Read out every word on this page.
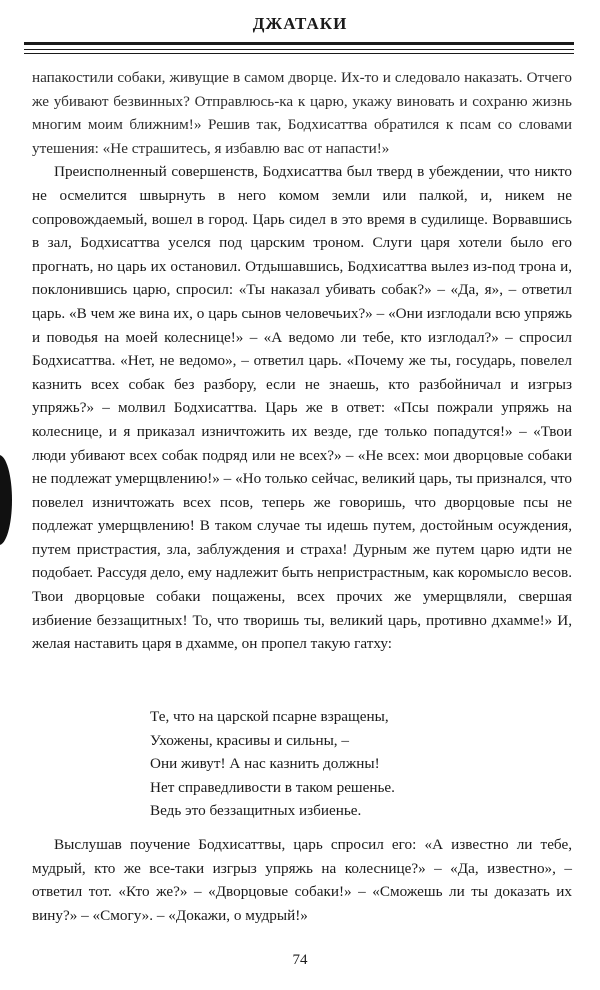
ДЖАТАКИ

напакостили собаки, живущие в самом дворце. Их-то и следовало наказать. Отчего же убивают безвинных? Отправлюсь-ка к царю, укажу виновать и сохраню жизнь многим моим ближним!» Решив так, Бодхисаттва обратился к псам со словами утешения: «Не страшитесь, я избавлю вас от напасти!»

Преисполненный совершенств, Бодхисаттва был тверд в убеждении, что никто не осмелится швырнуть в него комом земли или палкой, и, никем не сопровождаемый, вошел в город. Царь сидел в это время в судилище. Ворвавшись в зал, Бодхисаттва уселся под царским троном. Слуги царя хотели было его прогнать, но царь их остановил. Отдышавшись, Бодхисаттва вылез из-под трона и, поклонившись царю, спросил: «Ты наказал убивать собак?» – «Да, я», – ответил царь. «В чем же вина их, о царь сынов человечьих?» – «Они изглодали всю упряжь и поводья на моей колеснице!» – «А ведомо ли тебе, кто изглодал?» – спросил Бодхисаттва. «Нет, не ведомо», – ответил царь. «Почему же ты, государь, повелел казнить всех собак без разбору, если не знаешь, кто разбойничал и изгрыз упряжь?» – молвил Бодхисаттва. Царь же в ответ: «Псы пожрали упряжь на колеснице, и я приказал изничтожить их везде, где только попадутся!» – «Твои люди убивают всех собак подряд или не всех?» – «Не всех: мои дворцовые собаки не подлежат умерщвлению!» – «Но только сейчас, великий царь, ты признался, что повелел изничтожать всех псов, теперь же говоришь, что дворцовые псы не подлежат умерщвлению! В таком случае ты идешь путем, достойным осуждения, путем пристрастия, зла, заблуждения и страха! Дурным же путем царю идти не подобает. Рассудя дело, ему надлежит быть непристрастным, как коромысло весов. Твои дворцовые собаки пощажены, всех прочих же умерщвляли, свершая избиение беззащитных! То, что творишь ты, великий царь, противно дхамме!» И, желая наставить царя в дхамме, он пропел такую гатху:

Те, что на царской псарне взращены,
Ухожены, красивы и сильны, –
Они живут! А нас казнить должны!
Нет справедливости в таком решенье.
Ведь это беззащитных избиенье.

Выслушав поучение Бодхисаттвы, царь спросил его: «А известно ли тебе, мудрый, кто же все-таки изгрыз упряжь на колеснице?» – «Да, известно», – ответил тот. «Кто же?» – «Дворцовые собаки!» – «Сможешь ли ты доказать их вину?» – «Смогу». – «Докажи, о мудрый!»

74
